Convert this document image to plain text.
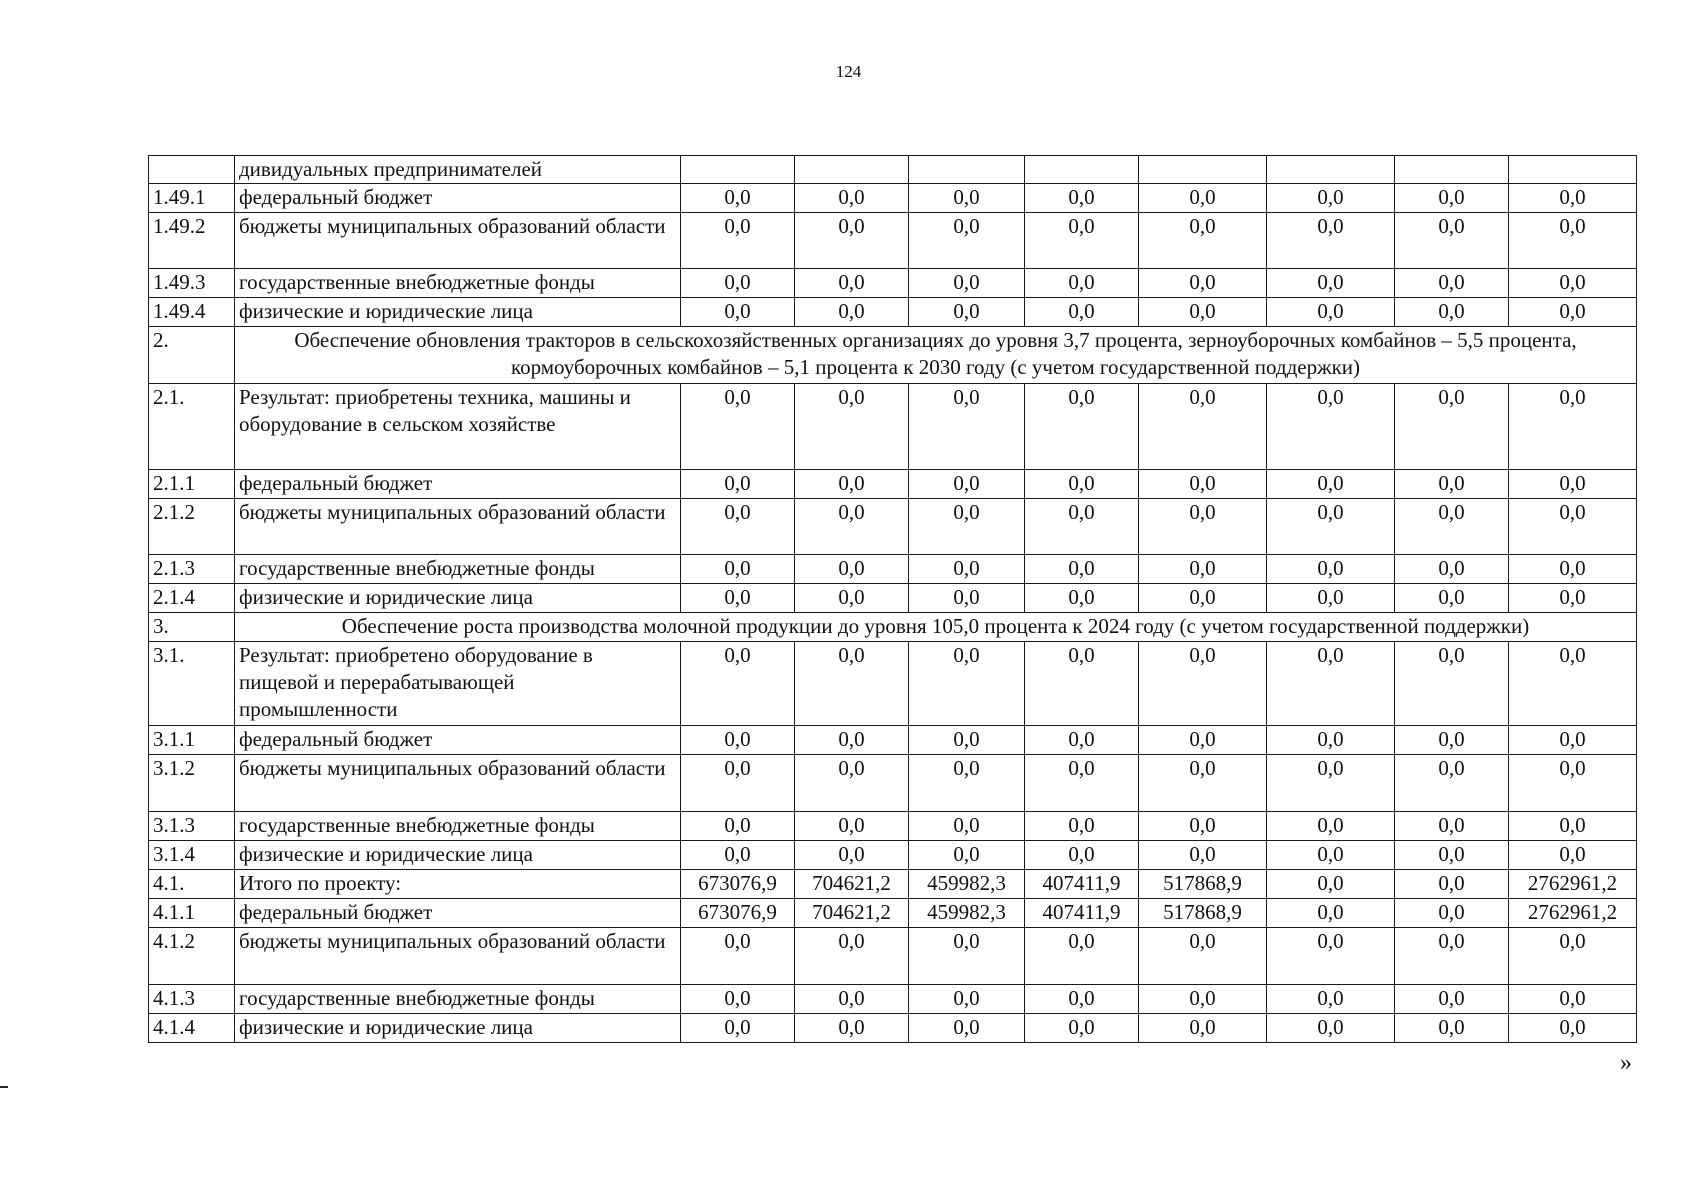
124
	дивидуальных предпринимателей								
1.49.1	федеральный бюджет	0,0	0,0	0,0	0,0	0,0	0,0	0,0	0,0
1.49.2	бюджеты муниципальных образований области	0,0	0,0	0,0	0,0	0,0	0,0	0,0	0,0
1.49.3	государственные внебюджетные фонды	0,0	0,0	0,0	0,0	0,0	0,0	0,0	0,0
1.49.4	физические и юридические лица	0,0	0,0	0,0	0,0	0,0	0,0	0,0	0,0
2.	Обеспечение обновления тракторов в сельскохозяйственных организациях до уровня 3,7 процента, зерноуборочных комбайнов – 5,5 процента, кормоуборочных комбайнов – 5,1 процента к 2030 году (с учетом государственной поддержки)								
2.1.	Результат: приобретены техника, машины и оборудование в сельском хозяйстве	0,0	0,0	0,0	0,0	0,0	0,0	0,0	0,0
2.1.1	федеральный бюджет	0,0	0,0	0,0	0,0	0,0	0,0	0,0	0,0
2.1.2	бюджеты муниципальных образований области	0,0	0,0	0,0	0,0	0,0	0,0	0,0	0,0
2.1.3	государственные внебюджетные фонды	0,0	0,0	0,0	0,0	0,0	0,0	0,0	0,0
2.1.4	физические и юридические лица	0,0	0,0	0,0	0,0	0,0	0,0	0,0	0,0
3.	Обеспечение роста производства молочной продукции до уровня 105,0 процента к 2024 году (с учетом государственной поддержки)								
3.1.	Результат: приобретено оборудование в пищевой и перерабатывающей промышленности	0,0	0,0	0,0	0,0	0,0	0,0	0,0	0,0
3.1.1	федеральный бюджет	0,0	0,0	0,0	0,0	0,0	0,0	0,0	0,0
3.1.2	бюджеты муниципальных образований области	0,0	0,0	0,0	0,0	0,0	0,0	0,0	0,0
3.1.3	государственные внебюджетные фонды	0,0	0,0	0,0	0,0	0,0	0,0	0,0	0,0
3.1.4	физические и юридические лица	0,0	0,0	0,0	0,0	0,0	0,0	0,0	0,0
4.1.	Итого по проекту:	673076,9	704621,2	459982,3	407411,9	517868,9	0,0	0,0	2762961,2
4.1.1	федеральный бюджет	673076,9	704621,2	459982,3	407411,9	517868,9	0,0	0,0	2762961,2
4.1.2	бюджеты муниципальных образований области	0,0	0,0	0,0	0,0	0,0	0,0	0,0	0,0
4.1.3	государственные внебюджетные фонды	0,0	0,0	0,0	0,0	0,0	0,0	0,0	0,0
4.1.4	физические и юридические лица	0,0	0,0	0,0	0,0	0,0	0,0	0,0	0,0
»
